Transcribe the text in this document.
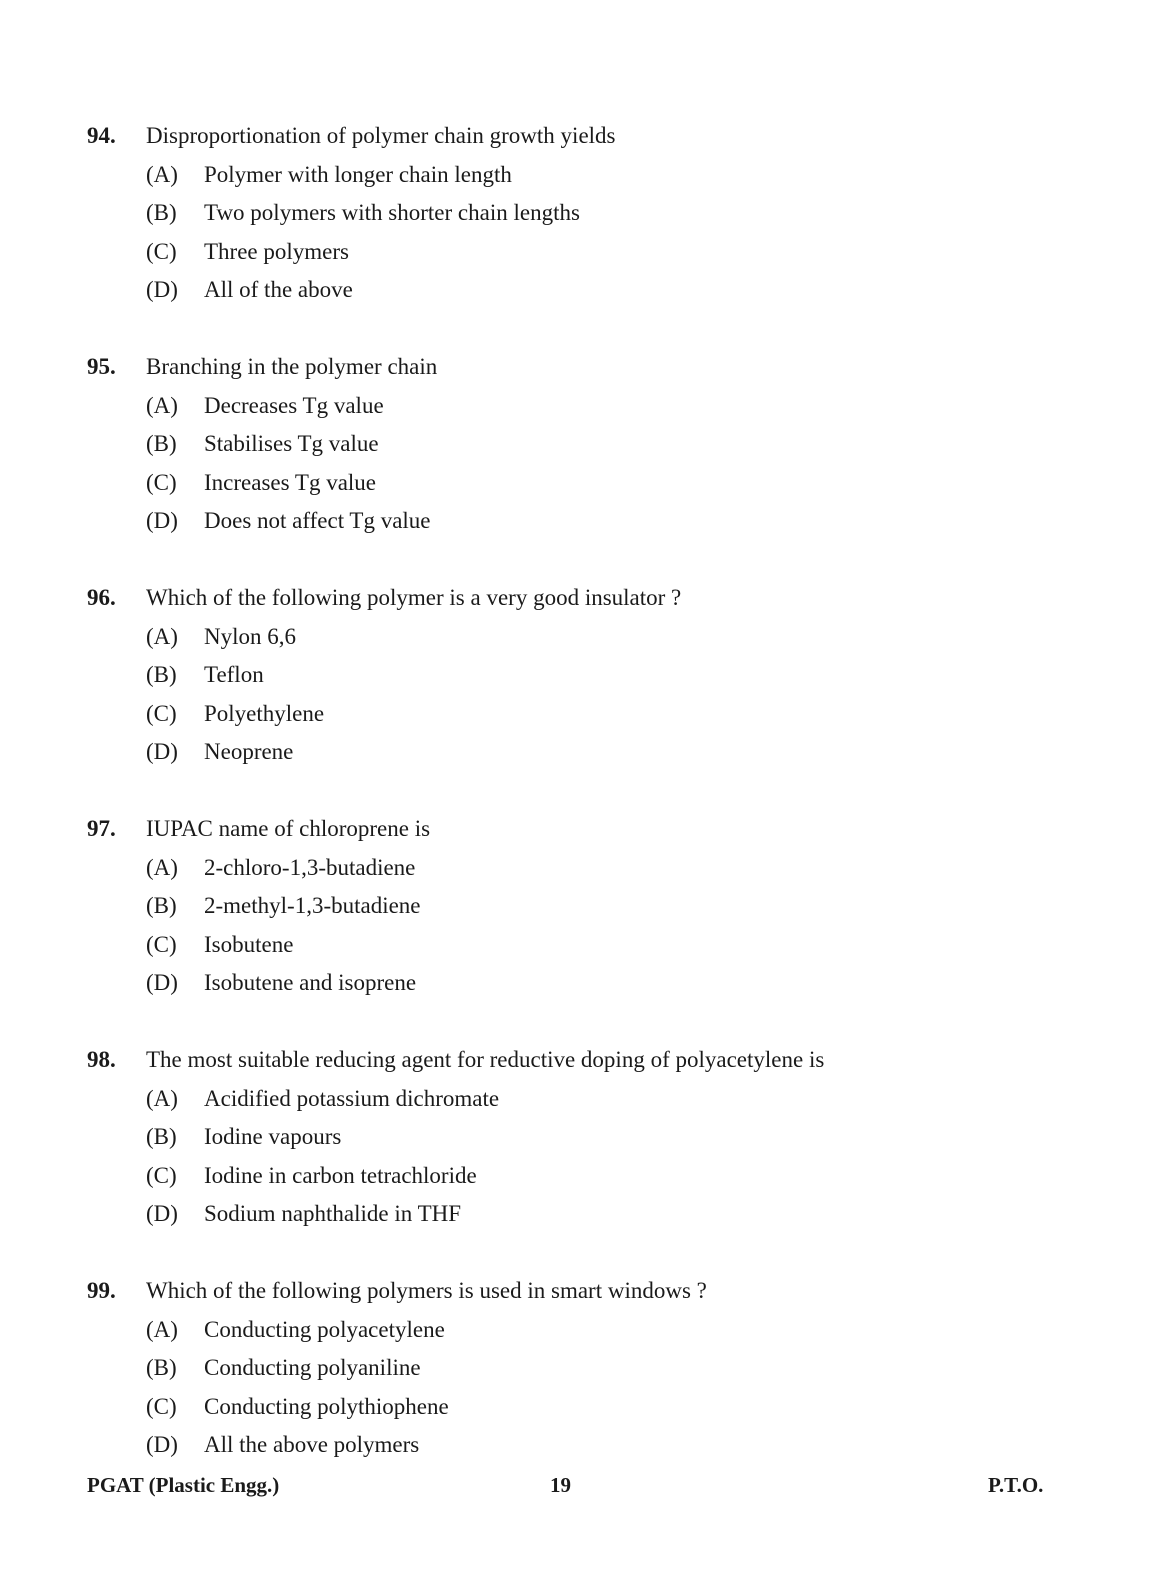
94. Disproportionation of polymer chain growth yields
(A) Polymer with longer chain length
(B) Two polymers with shorter chain lengths
(C) Three polymers
(D) All of the above
95. Branching in the polymer chain
(A) Decreases Tg value
(B) Stabilises Tg value
(C) Increases Tg value
(D) Does not affect Tg value
96. Which of the following polymer is a very good insulator ?
(A) Nylon 6,6
(B) Teflon
(C) Polyethylene
(D) Neoprene
97. IUPAC name of chloroprene is
(A) 2-chloro-1,3-butadiene
(B) 2-methyl-1,3-butadiene
(C) Isobutene
(D) Isobutene and isoprene
98. The most suitable reducing agent for reductive doping of polyacetylene is
(A) Acidified potassium dichromate
(B) Iodine vapours
(C) Iodine in carbon tetrachloride
(D) Sodium naphthalide in THF
99. Which of the following polymers is used in smart windows ?
(A) Conducting polyacetylene
(B) Conducting polyaniline
(C) Conducting polythiophene
(D) All the above polymers
PGAT (Plastic Engg.)	19	P.T.O.
